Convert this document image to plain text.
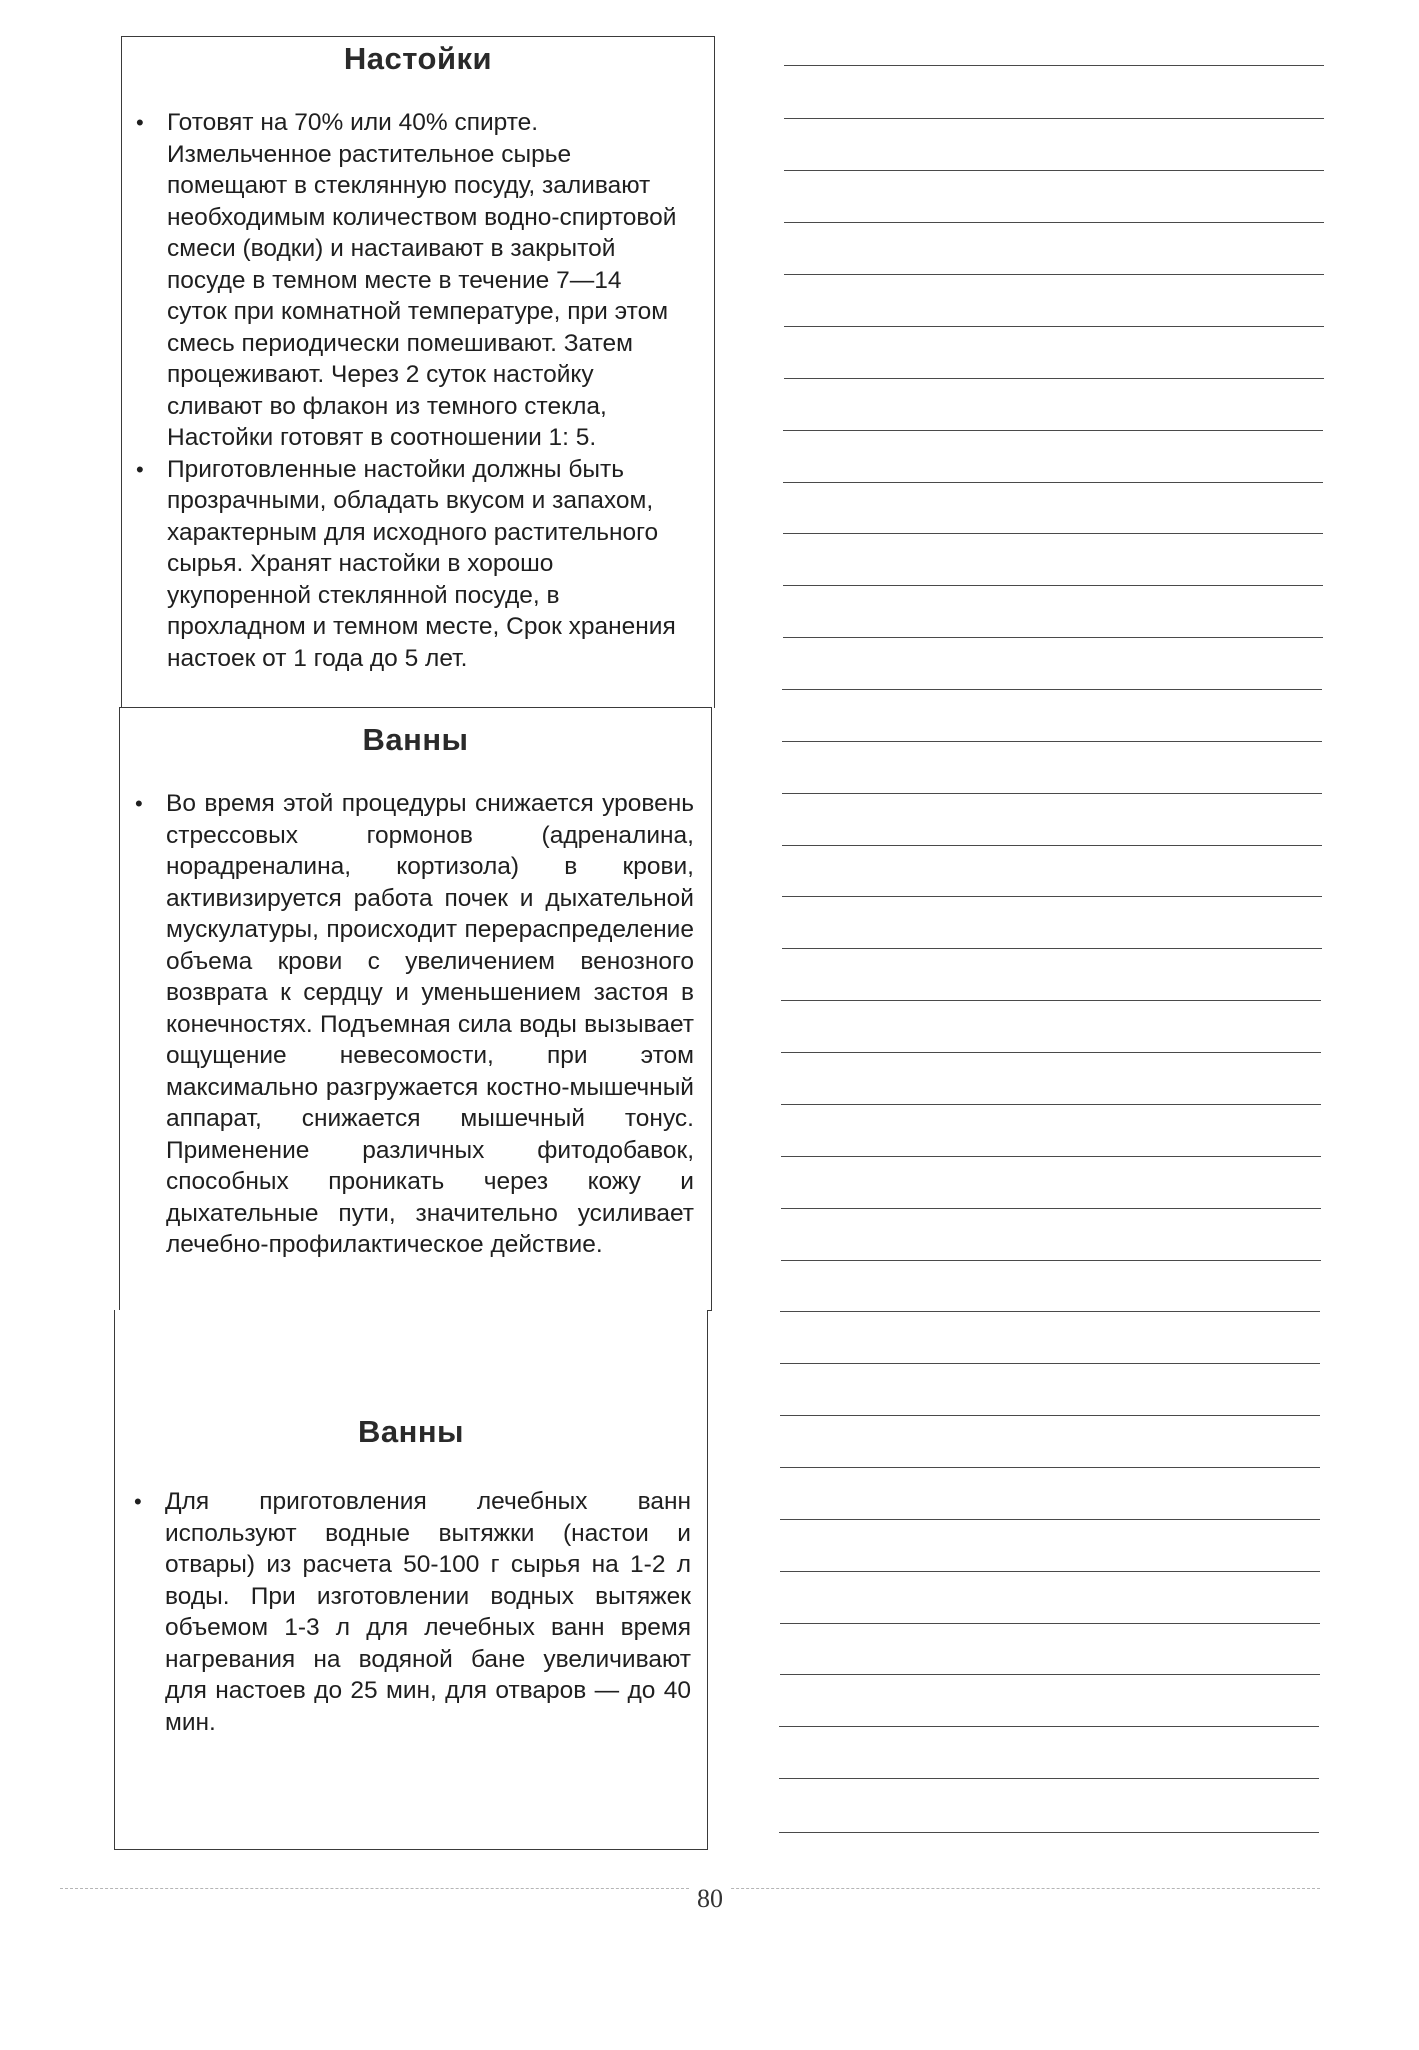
Настойки
• Готовят на 70% или 40% спирте. Измельченное растительное сырье помещают в стеклянную посуду, заливают необходимым количеством водно-спиртовой смеси (водки) и настаивают в закрытой посуде в темном месте в течение 7—14 суток при комнатной температуре, при этом смесь периодически помешивают. Затем процеживают. Через 2 суток настойку сливают во флакон из темного стекла, Настойки готовят в соотношении 1: 5.
• Приготовленные настойки должны быть прозрачными, обладать вкусом и запахом, характерным для исходного растительного сырья. Хранят настойки в хорошо укупоренной стеклянной посуде, в прохладном и темном месте, Срок хранения настоек от 1 года до 5 лет.
Ванны
• Во время этой процедуры снижается уровень стрессовых гормонов (адреналина, норадреналина, кортизола) в крови, активизируется работа почек и дыхательной мускулатуры, происходит перераспределение объема крови с увеличением венозного возврата к сердцу и уменьшением застоя в конечностях. Подъемная сила воды вызывает ощущение невесомости, при этом максимально разгружается костно-мышечный аппарат, снижается мышечный тонус. Применение различных фитодобавок, способных проникать через кожу и дыхательные пути, значительно усиливает лечебно-профилактическое действие.
Ванны
• Для приготовления лечебных ванн используют водные вытяжки (настои и отвары) из расчета 50-100 г сырья на 1-2 л воды. При изготовлении водных вытяжек объемом 1-3 л для лечебных ванн время нагревания на водяной бане увеличивают для настоев до 25 мин, для отваров — до 40 мин.
80
